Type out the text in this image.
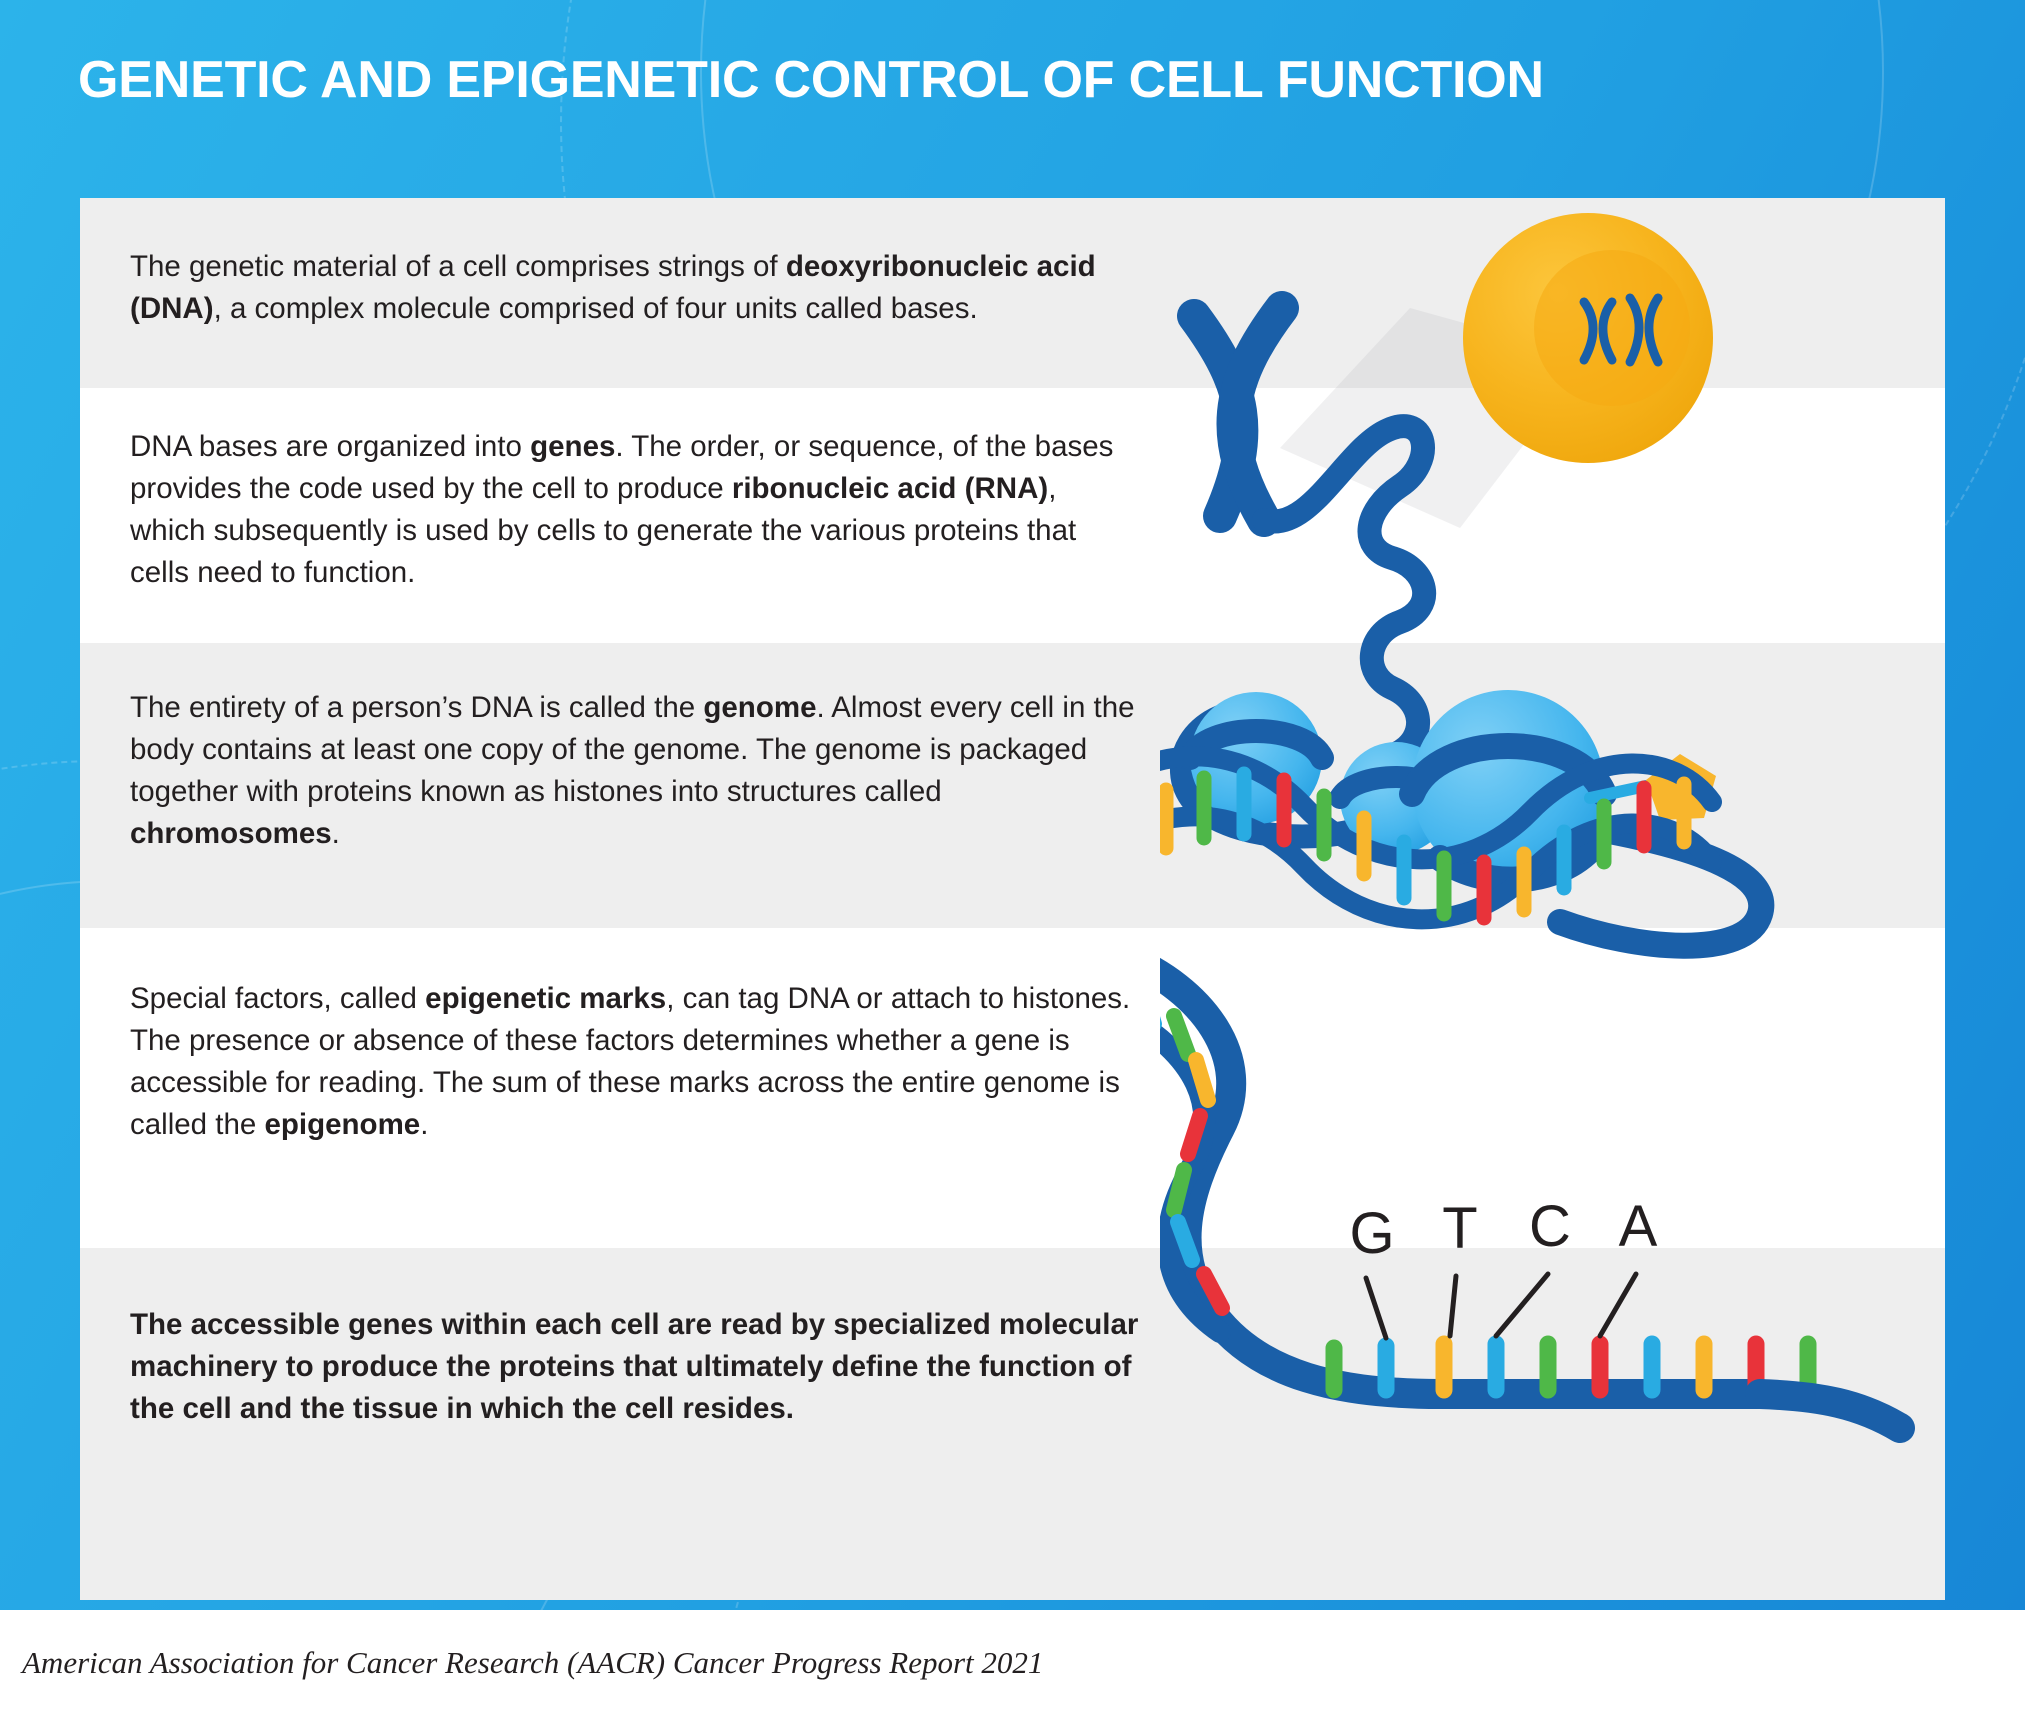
GENETIC AND EPIGENETIC CONTROL OF CELL FUNCTION
The genetic material of a cell comprises strings of deoxyribonucleic acid (DNA), a complex molecule comprised of four units called bases.
DNA bases are organized into genes. The order, or sequence, of the bases provides the code used by the cell to produce ribonucleic acid (RNA), which subsequently is used by cells to generate the various proteins that cells need to function.
The entirety of a person’s DNA is called the genome. Almost every cell in the body contains at least one copy of the genome. The genome is packaged together with proteins known as histones into structures called chromosomes.
Special factors, called epigenetic marks, can tag DNA or attach to histones. The presence or absence of these factors determines whether a gene is accessible for reading. The sum of these marks across the entire genome is called the epigenome.
The accessible genes within each cell are read by specialized molecular machinery to produce the proteins that ultimately define the function of the cell and the tissue in which the cell resides.
G T C A
American Association for Cancer Research (AACR) Cancer Progress Report 2021
